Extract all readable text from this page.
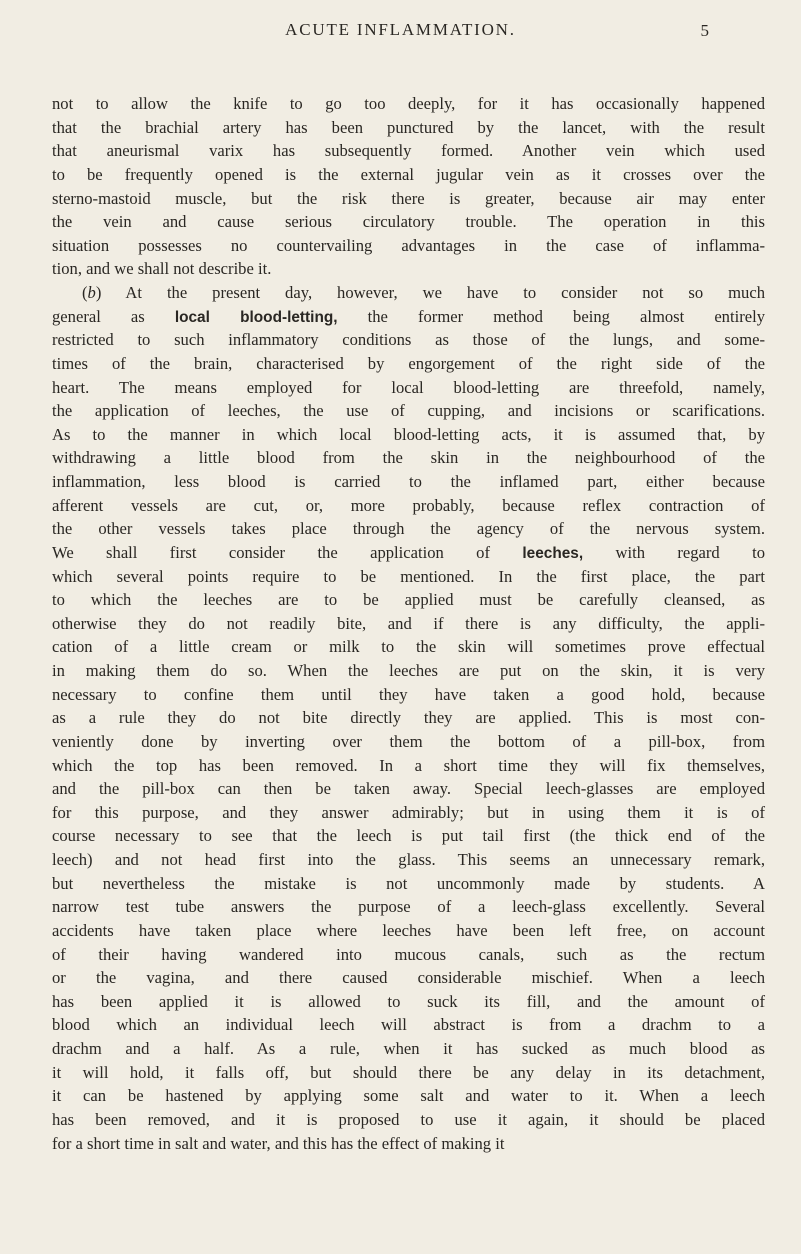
ACUTE INFLAMMATION.	5
not to allow the knife to go too deeply, for it has occasionally happened
that the brachial artery has been punctured by the lancet, with the result
that aneurismal varix has subsequently formed. Another vein which used
to be frequently opened is the external jugular vein as it crosses over the
sterno-mastoid muscle, but the risk there is greater, because air may enter
the vein and cause serious circulatory trouble. The operation in this
situation possesses no countervailing advantages in the case of inflamma-
tion, and we shall not describe it.
(b) At the present day, however, we have to consider not so much
general as local blood-letting, the former method being almost entirely
restricted to such inflammatory conditions as those of the lungs, and some-
times of the brain, characterised by engorgement of the right side of the
heart. The means employed for local blood-letting are threefold, namely,
the application of leeches, the use of cupping, and incisions or scarifications.
As to the manner in which local blood-letting acts, it is assumed that, by
withdrawing a little blood from the skin in the neighbourhood of the
inflammation, less blood is carried to the inflamed part, either because
afferent vessels are cut, or, more probably, because reflex contraction of
the other vessels takes place through the agency of the nervous system.
We shall first consider the application of leeches, with regard to
which several points require to be mentioned. In the first place, the part
to which the leeches are to be applied must be carefully cleansed, as
otherwise they do not readily bite, and if there is any difficulty, the appli-
cation of a little cream or milk to the skin will sometimes prove effectual
in making them do so. When the leeches are put on the skin, it is very
necessary to confine them until they have taken a good hold, because
as a rule they do not bite directly they are applied. This is most con-
veniently done by inverting over them the bottom of a pill-box, from
which the top has been removed. In a short time they will fix themselves,
and the pill-box can then be taken away. Special leech-glasses are employed
for this purpose, and they answer admirably; but in using them it is of
course necessary to see that the leech is put tail first (the thick end of the
leech) and not head first into the glass. This seems an unnecessary remark,
but nevertheless the mistake is not uncommonly made by students. A
narrow test tube answers the purpose of a leech-glass excellently. Several
accidents have taken place where leeches have been left free, on account
of their having wandered into mucous canals, such as the rectum
or the vagina, and there caused considerable mischief. When a leech
has been applied it is allowed to suck its fill, and the amount of
blood which an individual leech will abstract is from a drachm to a
drachm and a half. As a rule, when it has sucked as much blood as
it will hold, it falls off, but should there be any delay in its detachment,
it can be hastened by applying some salt and water to it. When a leech
has been removed, and it is proposed to use it again, it should be placed
for a short time in salt and water, and this has the effect of making it
